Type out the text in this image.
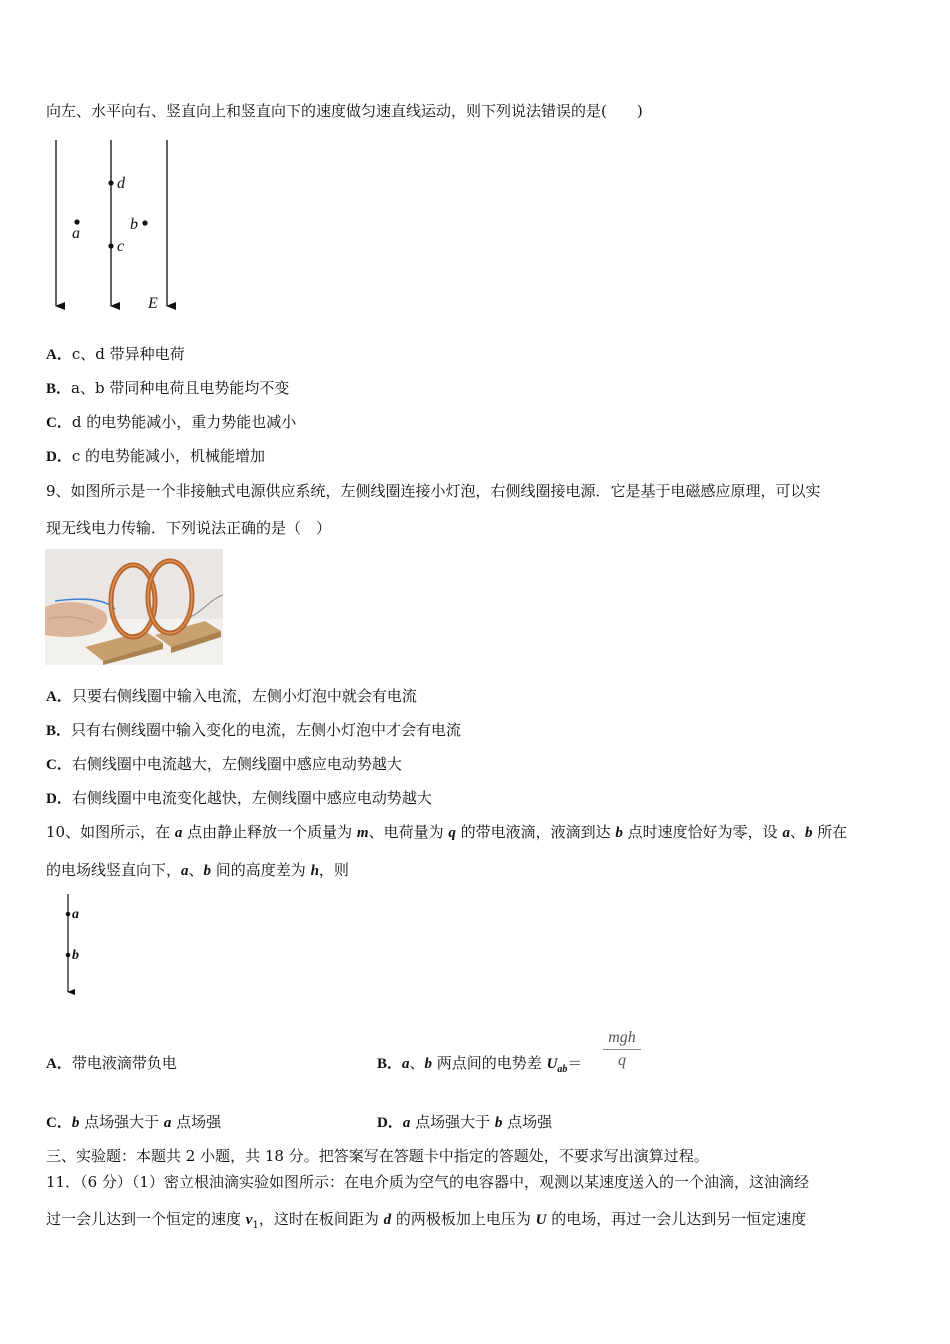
向左、水平向右、竖直向上和竖直向下的速度做匀速直线运动，则下列说法错误的是(　　)
d
a
b
c
E
A．c、d 带异种电荷
B．a、b 带同种电荷且电势能均不变
C．d 的电势能减小，重力势能也减小
D．c 的电势能减小，机械能增加
9、如图所示是一个非接触式电源供应系统，左侧线圈连接小灯泡，右侧线圈接电源．它是基于电磁感应原理，可以实
现无线电力传输．下列说法正确的是（　）
A．只要右侧线圈中输入电流，左侧小灯泡中就会有电流
B．只有右侧线圈中输入变化的电流，左侧小灯泡中才会有电流
C．右侧线圈中电流越大，左侧线圈中感应电动势越大
D．右侧线圈中电流变化越快，左侧线圈中感应电动势越大
10、如图所示，在 a 点由静止释放一个质量为 m、电荷量为 q 的带电液滴，液滴到达 b 点时速度恰好为零，设 a、b 所在
的电场线竖直向下，a、b 间的高度差为 h，则
a
b
A．带电液滴带负电	B．a、b 两点间的电势差 $U_{ab}=$
mgh
q
C．b 点场强大于 a 点场强	D．a 点场强大于 b 点场强
三、实验题：本题共 2 小题，共 18 分。把答案写在答题卡中指定的答题处，不要求写出演算过程。
11．（6 分）（1）密立根油滴实验如图所示：在电介质为空气的电容器中，观测以某速度送入的一个油滴，这油滴经
过一会儿达到一个恒定的速度 $v_1$，这时在板间距为 d 的两极板加上电压为 U 的电场，再过一会儿达到另一恒定速度
